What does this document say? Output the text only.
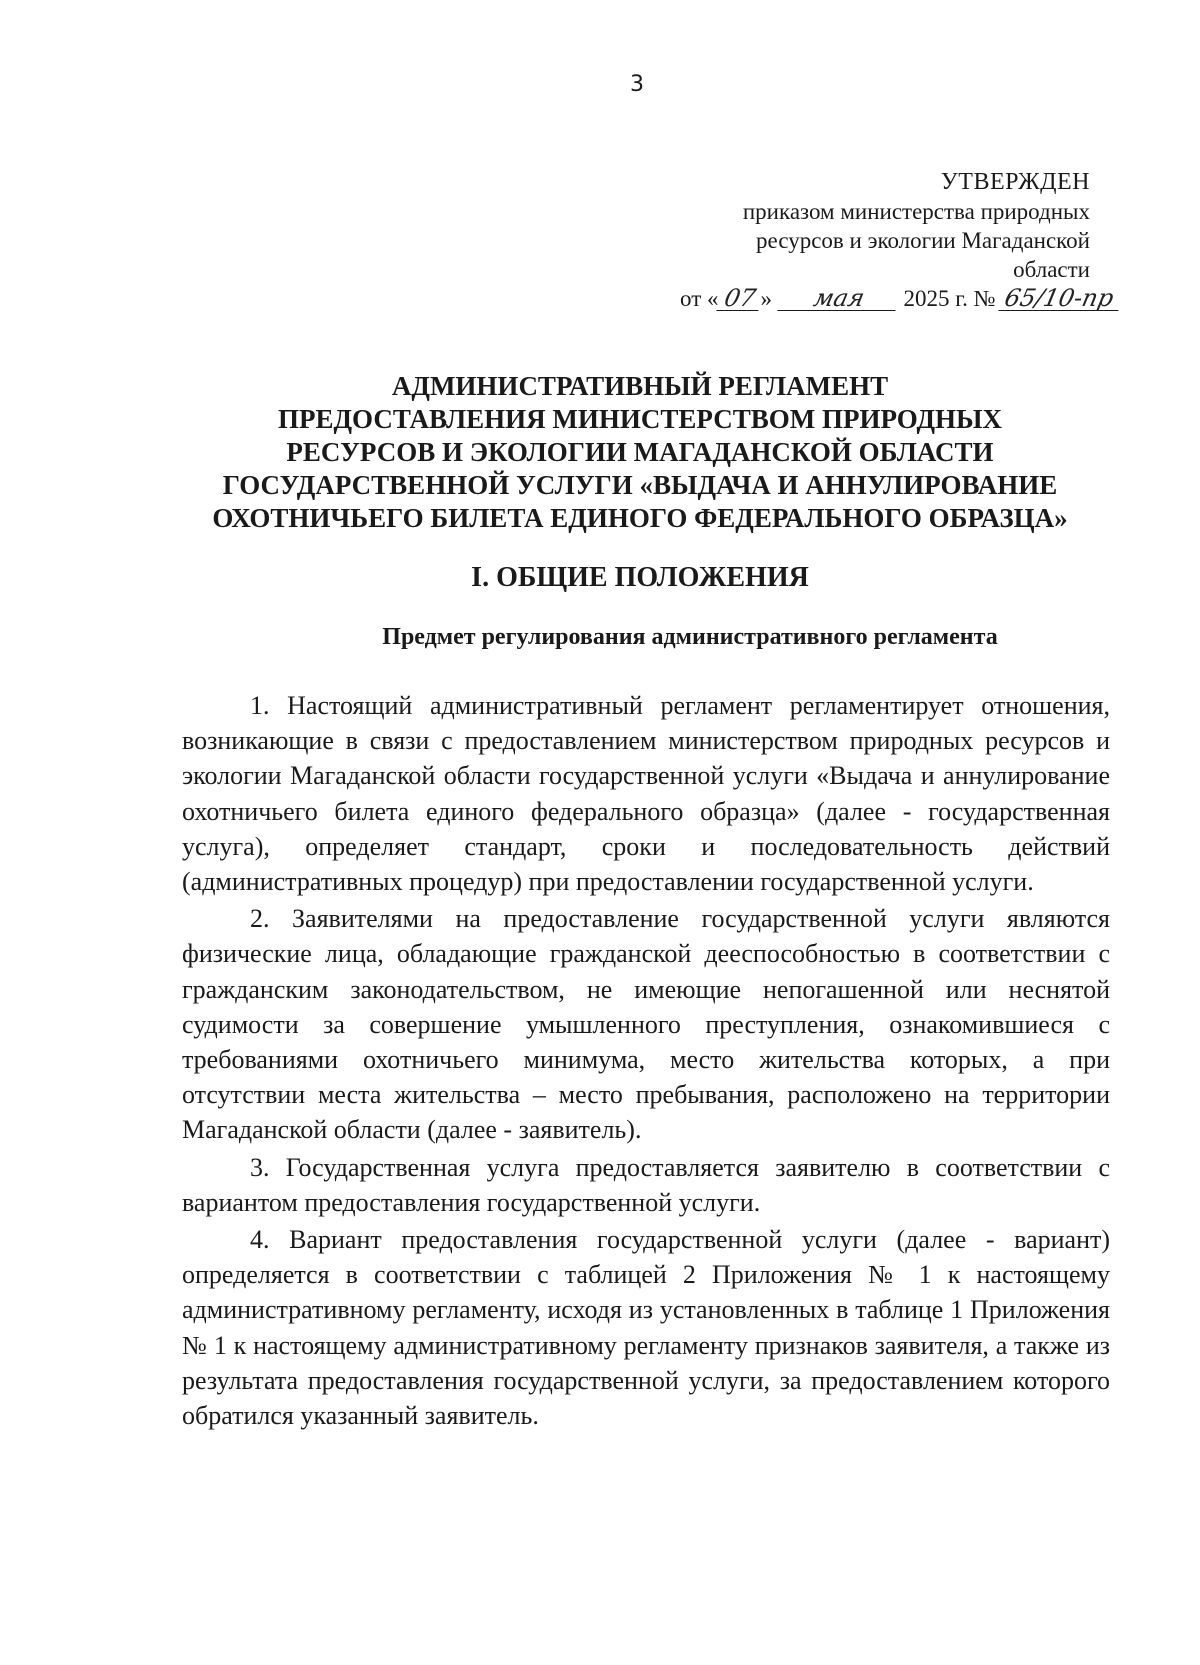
3
УТВЕРЖДЕН
приказом министерства природных
ресурсов и экологии Магаданской
области
от « 07 » мая 2025 г. № 65/10-пр
АДМИНИСТРАТИВНЫЙ РЕГЛАМЕНТ
ПРЕДОСТАВЛЕНИЯ МИНИСТЕРСТВОМ ПРИРОДНЫХ
РЕСУРСОВ И ЭКОЛОГИИ МАГАДАНСКОЙ ОБЛАСТИ
ГОСУДАРСТВЕННОЙ УСЛУГИ «ВЫДАЧА И АННУЛИРОВАНИЕ
ОХОТНИЧЬЕГО БИЛЕТА ЕДИНОГО ФЕДЕРАЛЬНОГО ОБРАЗЦА»
I. ОБЩИЕ ПОЛОЖЕНИЯ
Предмет регулирования административного регламента

1. Настоящий административный регламент регламентирует отношения, возникающие в связи с предоставлением министерством природных ресурсов и экологии Магаданской области государственной услуги «Выдача и аннулирование охотничьего билета единого федерального образца» (далее - государственная услуга), определяет стандарт, сроки и последовательность действий (административных процедур) при предоставлении государственной услуги.

2. Заявителями на предоставление государственной услуги являются физические лица, обладающие гражданской дееспособностью в соответствии с гражданским законодательством, не имеющие непогашенной или неснятой судимости за совершение умышленного преступления, ознакомившиеся с требованиями охотничьего минимума, место жительства которых, а при отсутствии места жительства – место пребывания, расположено на территории Магаданской области (далее - заявитель).

3. Государственная услуга предоставляется заявителю в соответствии с вариантом предоставления государственной услуги.

4. Вариант предоставления государственной услуги (далее - вариант) определяется в соответствии с таблицей 2 Приложения № 1 к настоящему административному регламенту, исходя из установленных в таблице 1 Приложения № 1 к настоящему административному регламенту признаков заявителя, а также из результата предоставления государственной услуги, за предоставлением которого обратился указанный заявитель.
